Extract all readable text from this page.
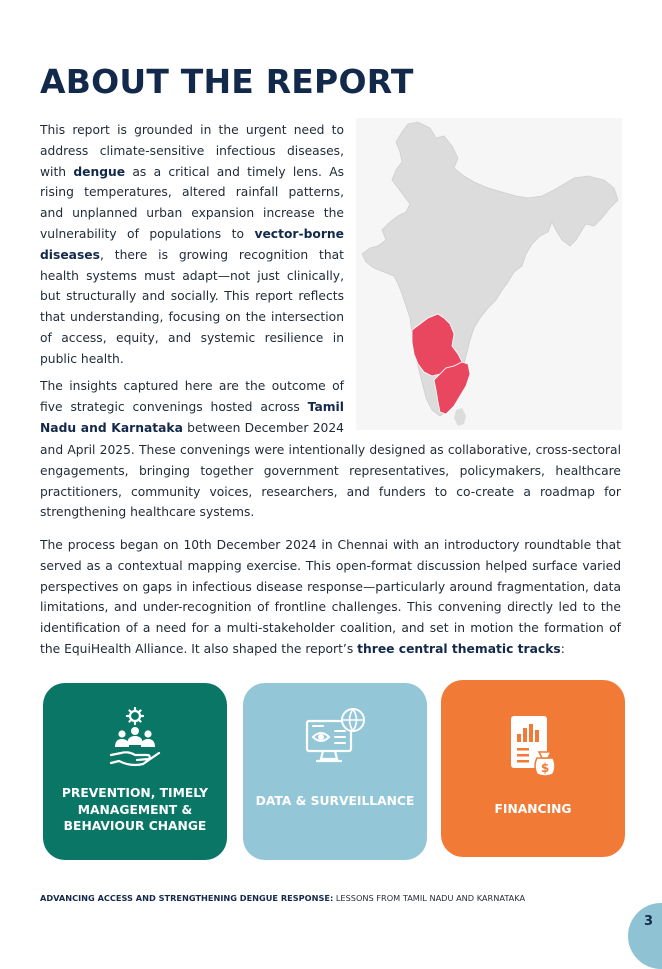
ABOUT THE REPORT

This report is grounded in the urgent need to address climate-sensitive infectious diseases, with dengue as a critical and timely lens. As rising temperatures, altered rainfall patterns, and unplanned urban expansion increase the vulnerability of populations to vector-borne diseases, there is growing recognition that health systems must adapt—not just clinically, but structurally and socially. This report reflects that understanding, focusing on the intersection of access, equity, and systemic resilience in public health.

The insights captured here are the outcome of five strategic convenings hosted across Tamil Nadu and Karnataka between December 2024

and April 2025. These convenings were intentionally designed as collaborative, cross-sectoral engagements, bringing together government representatives, policymakers, healthcare practitioners, community voices, researchers, and funders to co-create a roadmap for strengthening healthcare systems.

The process began on 10th December 2024 in Chennai with an introductory roundtable that served as a contextual mapping exercise. This open-format discussion helped surface varied perspectives on gaps in infectious disease response—particularly around fragmentation, data limitations, and under-recognition of frontline challenges. This convening directly led to the identification of a need for a multi-stakeholder coalition, and set in motion the formation of the EquiHealth Alliance. It also shaped the report’s three central thematic tracks:

PREVENTION, TIMELY MANAGEMENT & BEHAVIOUR CHANGE
DATA & SURVEILLANCE
$
FINANCING
ADVANCING ACCESS AND STRENGTHENING DENGUE RESPONSE: LESSONS FROM TAMIL NADU AND KARNATAKA
3
